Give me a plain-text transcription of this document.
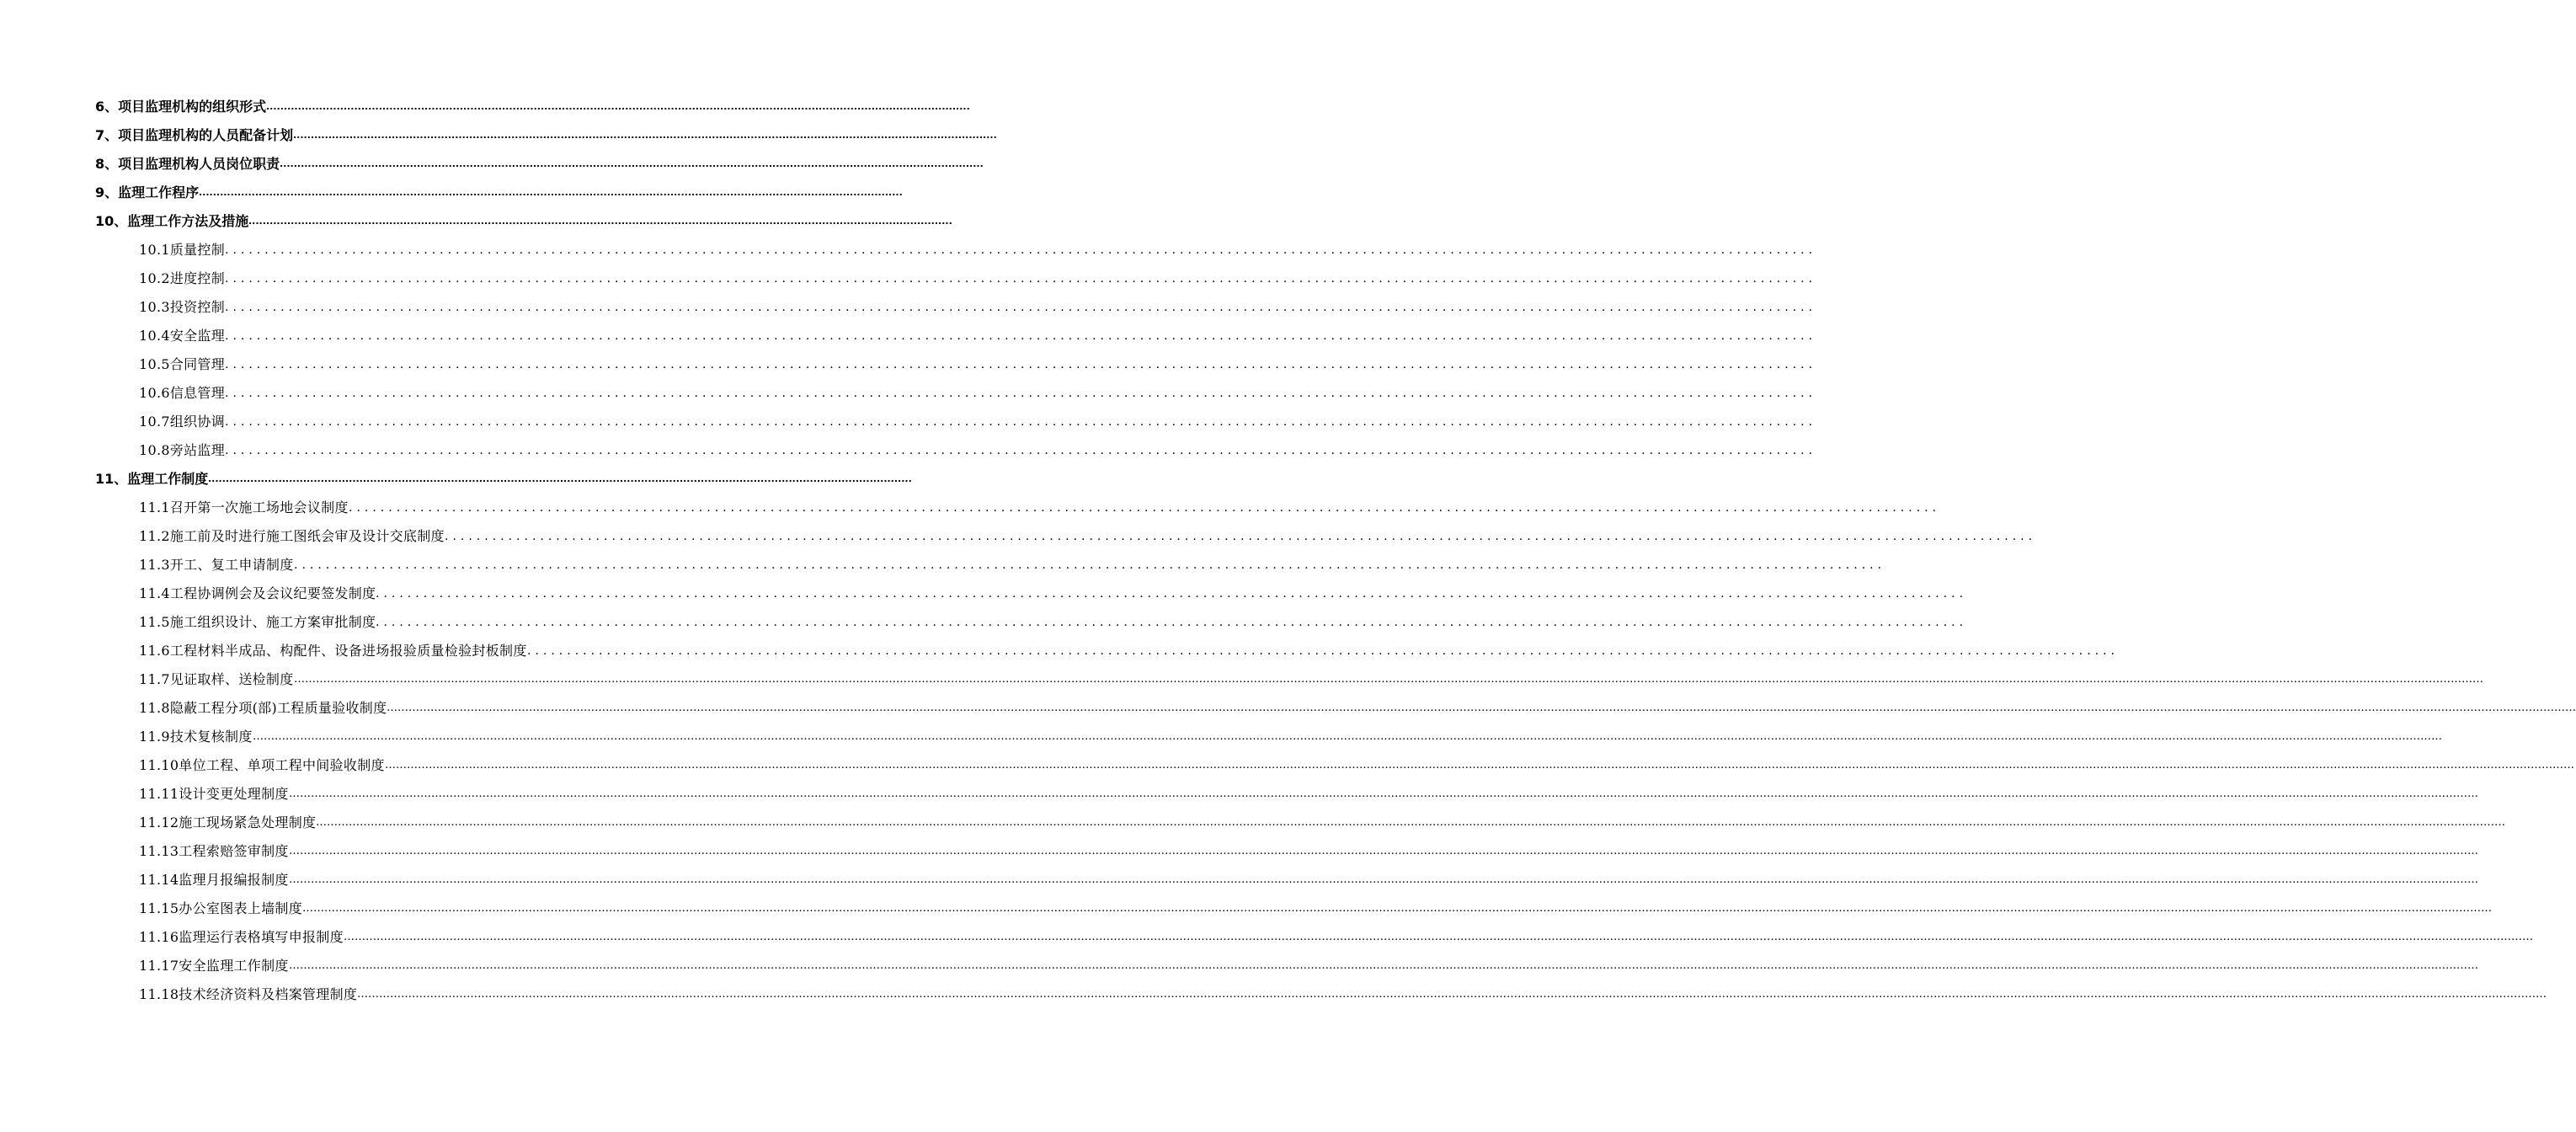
6、项目监理机构的组织形式 ........................................................................................................................................................................................................
7、项目监理机构的人员配备计划 ........................................................................................................................................................................................................
8、项目监理机构人员岗位职责 ........................................................................................................................................................................................................
9、监理工作程序 ........................................................................................................................................................................................................
10、监理工作方法及措施 ........................................................................................................................................................................................................
10.1质量控制 ........................................................................................................................................................................................................
10.2进度控制 ........................................................................................................................................................................................................
10.3投资控制 ........................................................................................................................................................................................................
10.4安全监理 ........................................................................................................................................................................................................
10.5合同管理 ........................................................................................................................................................................................................
10.6信息管理 ........................................................................................................................................................................................................
10.7组织协调 ........................................................................................................................................................................................................
10.8旁站监理 ........................................................................................................................................................................................................
11、监理工作制度 ........................................................................................................................................................................................................
11.1召开第一次施工场地会议制度 ........................................................................................................................................................................................................
11.2施工前及时进行施工图纸会审及设计交底制度 ........................................................................................................................................................................................................
11.3开工、复工申请制度 ........................................................................................................................................................................................................
11.4工程协调例会及会议纪要签发制度 ........................................................................................................................................................................................................
11.5施工组织设计、施工方案审批制度 ........................................................................................................................................................................................................
11.6工程材料半成品、构配件、设备进场报验质量检验封板制度 ........................................................................................................................................................................................................
11.7见证取样、送检制度 ……………………………………………………………………………………………………………………………………………………………………………………………………………………………………………………………………………………………………………………………………………………………………………………………………………………………………………………………………………………………………………………………………………………
11.8隐蔽工程分项(部)工程质量验收制度 ……………………………………………………………………………………………………………………………………………………………………………………………………………………………………………………………………………………………………………………………………………………………………………………………………………………………………………………………………………………………………………………………………………………
11.9技术复核制度 ……………………………………………………………………………………………………………………………………………………………………………………………………………………………………………………………………………………………………………………………………………………………………………………………………………………………………………………………………………………………………………………………………………………
11.10单位工程、单项工程中间验收制度 ……………………………………………………………………………………………………………………………………………………………………………………………………………………………………………………………………………………………………………………………………………………………………………………………………………………………………………………………………………………………………………………………………………………
11.11设计变更处理制度 ……………………………………………………………………………………………………………………………………………………………………………………………………………………………………………………………………………………………………………………………………………………………………………………………………………………………………………………………………………………………………………………………………………………
11.12施工现场紧急处理制度 ……………………………………………………………………………………………………………………………………………………………………………………………………………………………………………………………………………………………………………………………………………………………………………………………………………………………………………………………………………………………………………………………………………………
11.13工程索赔签审制度 ……………………………………………………………………………………………………………………………………………………………………………………………………………………………………………………………………………………………………………………………………………………………………………………………………………………………………………………………………………………………………………………………………………………
11.14监理月报编报制度 ……………………………………………………………………………………………………………………………………………………………………………………………………………………………………………………………………………………………………………………………………………………………………………………………………………………………………………………………………………………………………………………………………………………
11.15办公室图表上墙制度 ……………………………………………………………………………………………………………………………………………………………………………………………………………………………………………………………………………………………………………………………………………………………………………………………………………………………………………………………………………………………………………………………………………………
11.16监理运行表格填写申报制度 ……………………………………………………………………………………………………………………………………………………………………………………………………………………………………………………………………………………………………………………………………………………………………………………………………………………………………………………………………………………………………………………………………………………
11.17安全监理工作制度 ……………………………………………………………………………………………………………………………………………………………………………………………………………………………………………………………………………………………………………………………………………………………………………………………………………………………………………………………………………………………………………………………………………………
11.18技术经济资料及档案管理制度 ……………………………………………………………………………………………………………………………………………………………………………………………………………………………………………………………………………………………………………………………………………………………………………………………………………………………………………………………………………………………………………………………………………………
